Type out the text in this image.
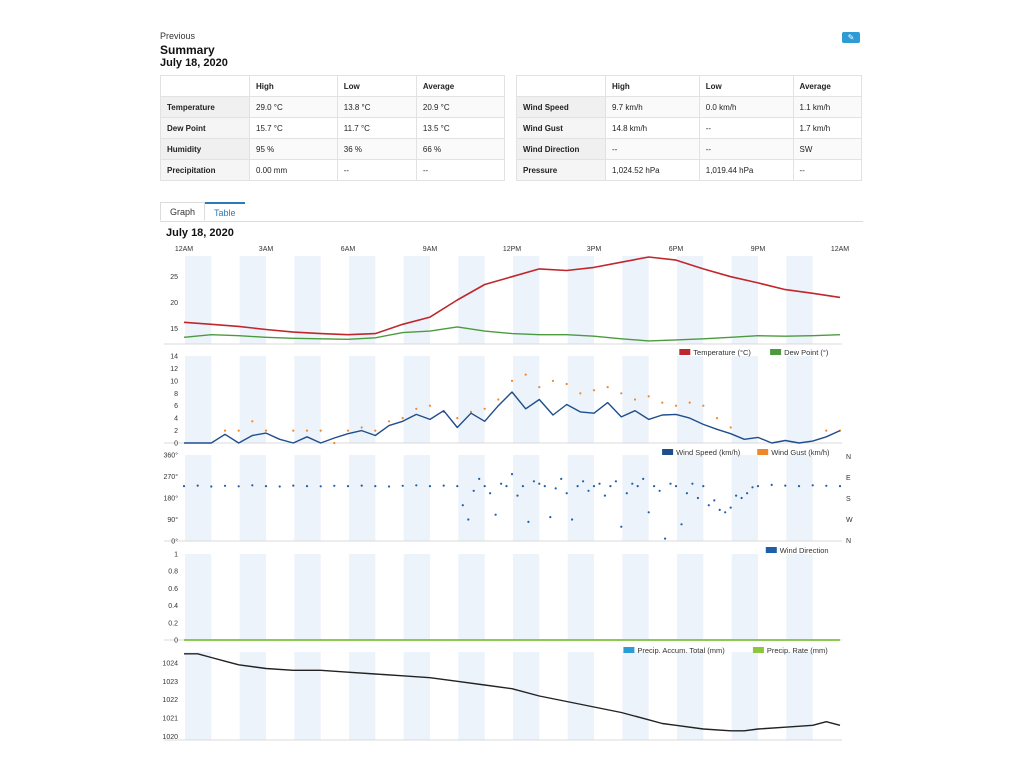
Previous
Summary
July 18, 2020
✎
	High	Low	Average
Temperature	29.0 °C	13.8 °C	20.9 °C
Dew Point	15.7 °C	11.7 °C	13.5 °C
Humidity	95 %	36 %	66 %
Precipitation	0.00 mm	--	--
	High	Low	Average
Wind Speed	9.7 km/h	0.0 km/h	1.1 km/h
Wind Gust	14.8 km/h	--	1.7 km/h
Wind Direction	--	--	SW
Pressure	1,024.52 hPa	1,019.44 hPa	--
Graph	Table
July 18, 2020
12AM	3AM	6AM	9AM	12PM	3PM	6PM	9PM	12AM
15
20
25
Dew Point (°)
Temperature (°C)
0
2
4
6
8
10
12
14
Wind Gust (km/h)
Wind Speed (km/h)
0°
90°
180°
270°
360°
N
W
S
E
N
Wind Direction
0
0.2
0.4
0.6
0.8
1
Precip. Rate (mm)
Precip. Accum. Total (mm)
1020
1021
1022
1023
1024
